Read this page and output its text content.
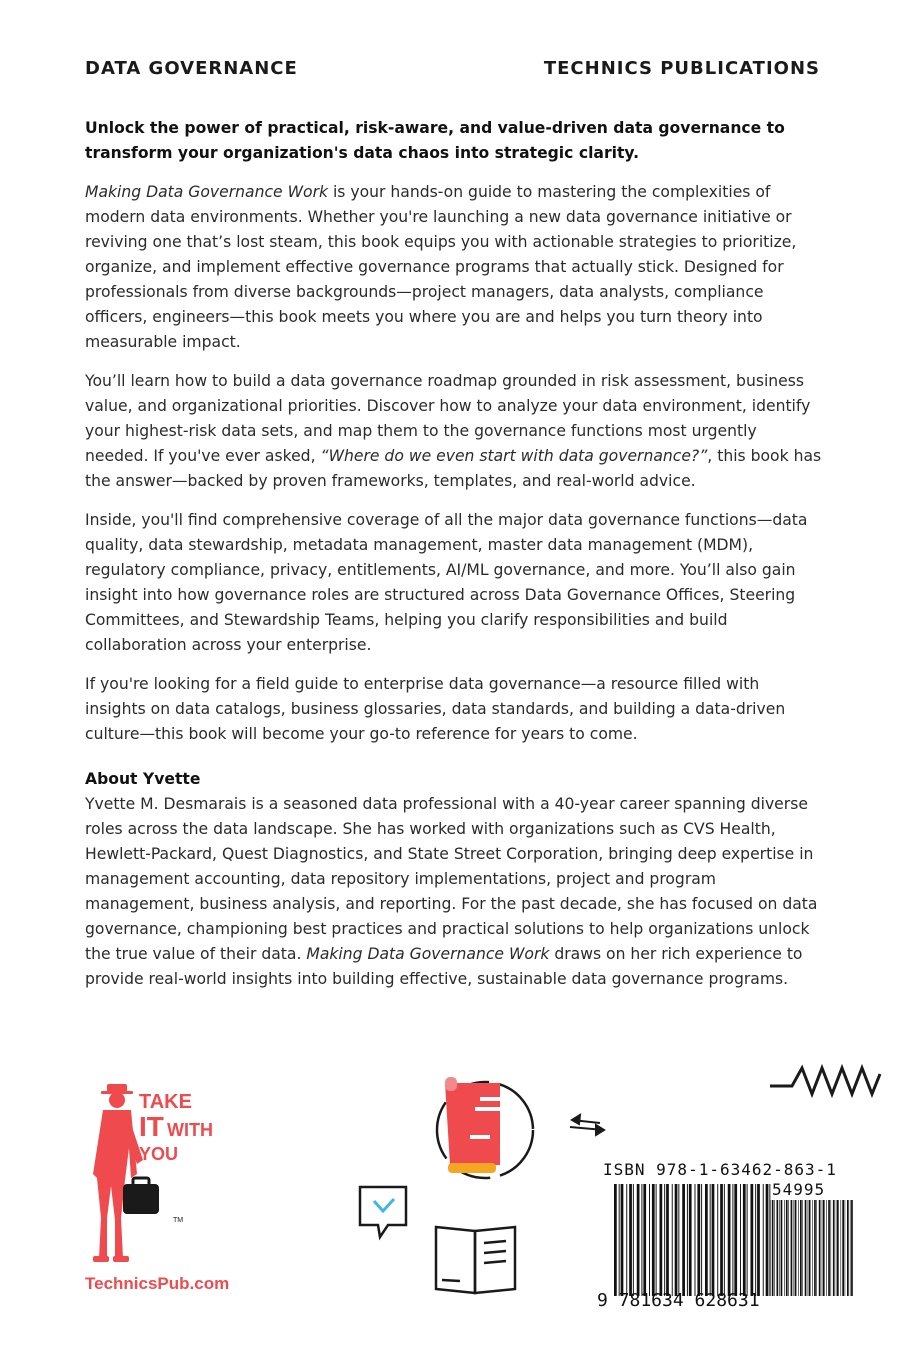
DATA GOVERNANCE	TECHNICS PUBLICATIONS

Unlock the power of practical, risk-aware, and value-driven data governance to transform your organization's data chaos into strategic clarity.

Making Data Governance Work is your hands-on guide to mastering the complexities of modern data environments. Whether you're launching a new data governance initiative or reviving one that’s lost steam, this book equips you with actionable strategies to prioritize, organize, and implement effective governance programs that actually stick. Designed for professionals from diverse backgrounds—project managers, data analysts, compliance officers, engineers—this book meets you where you are and helps you turn theory into measurable impact.

You’ll learn how to build a data governance roadmap grounded in risk assessment, business value, and organizational priorities. Discover how to analyze your data environment, identify your highest-risk data sets, and map them to the governance functions most urgently needed. If you've ever asked, “Where do we even start with data governance?”, this book has the answer—backed by proven frameworks, templates, and real-world advice.

Inside, you'll find comprehensive coverage of all the major data governance functions—data quality, data stewardship, metadata management, master data management (MDM), regulatory compliance, privacy, entitlements, AI/ML governance, and more. You’ll also gain insight into how governance roles are structured across Data Governance Offices, Steering Committees, and Stewardship Teams, helping you clarify responsibilities and build collaboration across your enterprise.

If you're looking for a field guide to enterprise data governance—a resource filled with insights on data catalogs, business glossaries, data standards, and building a data-driven culture—this book will become your go-to reference for years to come.

About Yvette

Yvette M. Desmarais is a seasoned data professional with a 40-year career spanning diverse roles across the data landscape. She has worked with organizations such as CVS Health, Hewlett-Packard, Quest Diagnostics, and State Street Corporation, bringing deep expertise in management accounting, data repository implementations, project and program management, business analysis, and reporting. For the past decade, she has focused on data governance, championing best practices and practical solutions to help organizations unlock the true value of their data. Making Data Governance Work draws on her rich experience to provide real-world insights into building effective, sustainable data governance programs.

TAKE
IT WITH
YOU
TM
TechnicsPub.com
ISBN 978-1-63462-863-1
54995
9 781634 628631
